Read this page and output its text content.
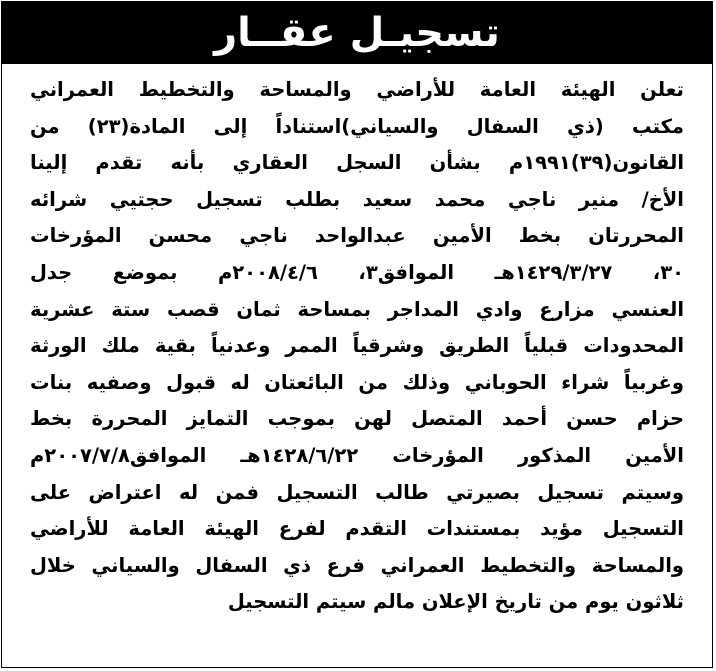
تسجيـل عقــار
تعلن الهيئة العامة للأراضي والمساحة والتخطيط العمراني
مكتب (ذي السفال والسياني)استناداً إلى المادة(٢٣) من
القانون(٣٩)١٩٩١م بشأن السجل العقاري بأنه تقدم إلينا
الأخ/ منير ناجي محمد سعيد بطلب تسجيل حجتيي شرائه
المحررتان بخط الأمين عبدالواحد ناجي محسن المؤرخات
٣٠، ١٤٢٩/٣/٢٧هـ الموافق٣، ٢٠٠٨/٤/٦م بموضع جدل
العنسي مزارع وادي المداجر بمساحة ثمان قصب ستة عشرية
المحدودات قبلياً الطريق وشرقياً الممر وعدنياً بقية ملك الورثة
وغربياً شراء الحوباني وذلك من البائعتان له قبول وصفيه بنات
حزام حسن أحمد المتصل لهن بموجب التمايز المحررة بخط
الأمين المذكور المؤرخات ١٤٢٨/٦/٢٢هـ الموافق٢٠٠٧/٧/٨م
وسيتم تسجيل بصيرتي طالب التسجيل فمن له اعتراض على
التسجيل مؤيد بمستندات التقدم لفرع الهيئة العامة للأراضي
والمساحة والتخطيط العمراني فرع ذي السفال والسياني خلال
ثلاثون يوم من تاريخ الإعلان مالم سيتم التسجيل
